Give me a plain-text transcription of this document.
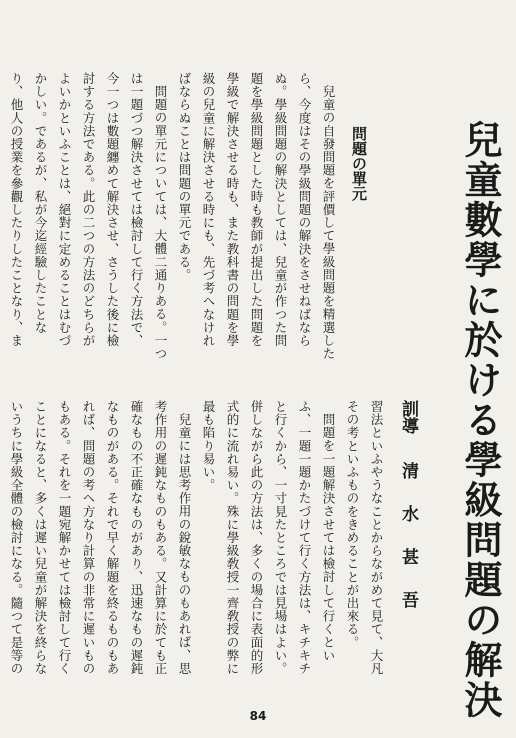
兒童數學に於ける學級問題の解決
訓導清水甚吾
問題の單元
兒童の自發問題を評價して學級問題を精選したら、今度はその學級問題の解決をさせねばならぬ。學級問題の解決としては、兒童が作つた問題を學級問題とした時も教師が提出した問題を學級で解決させる時も、また教科書の問題を學級の兒童に解決させる時にも、先づ考へなければならぬことは問題の單元である。
問題の單元については、大體二通りある。一つは一題づつ解決させては檢討して行く方法で、今一つは數題纏めて解決させ、さうした後に檢討する方法である。此の二つの方法のどちらがよいかといふことは、絕對に定めることはむづかしい。であるが、私が今迄經驗したことなり、他人の授業を參觀したりしたことなり、ま
習法といふやうなことからながめて見て、大凡その考といふものをきめることが出來る。
問題を一題解決させては檢討して行くといふ、一題一題かたづけて行く方法は、キチキチと行くから、一寸見たところでは見場はよい。併しながら此の方法は、多くの場合に表面的形式的に流れ易い。殊に學級敎授一齊敎授の弊に最も陷り易い。
兒童には思考作用の銳敏なものもあれば、思考作用の遲鈍なものもある。又計算に於ても正確なもの不正確なものがあり、迅速なもの遲鈍なものがある。それで早く解題を終るものもあれば、問題の考へ方なり計算の非常に遲いものもある。それを一題宛解かせては檢討して行くことになると、多くは遲い兒童が解決を終らないうちに學級全體の檢討になる。隨つて是等の
84
